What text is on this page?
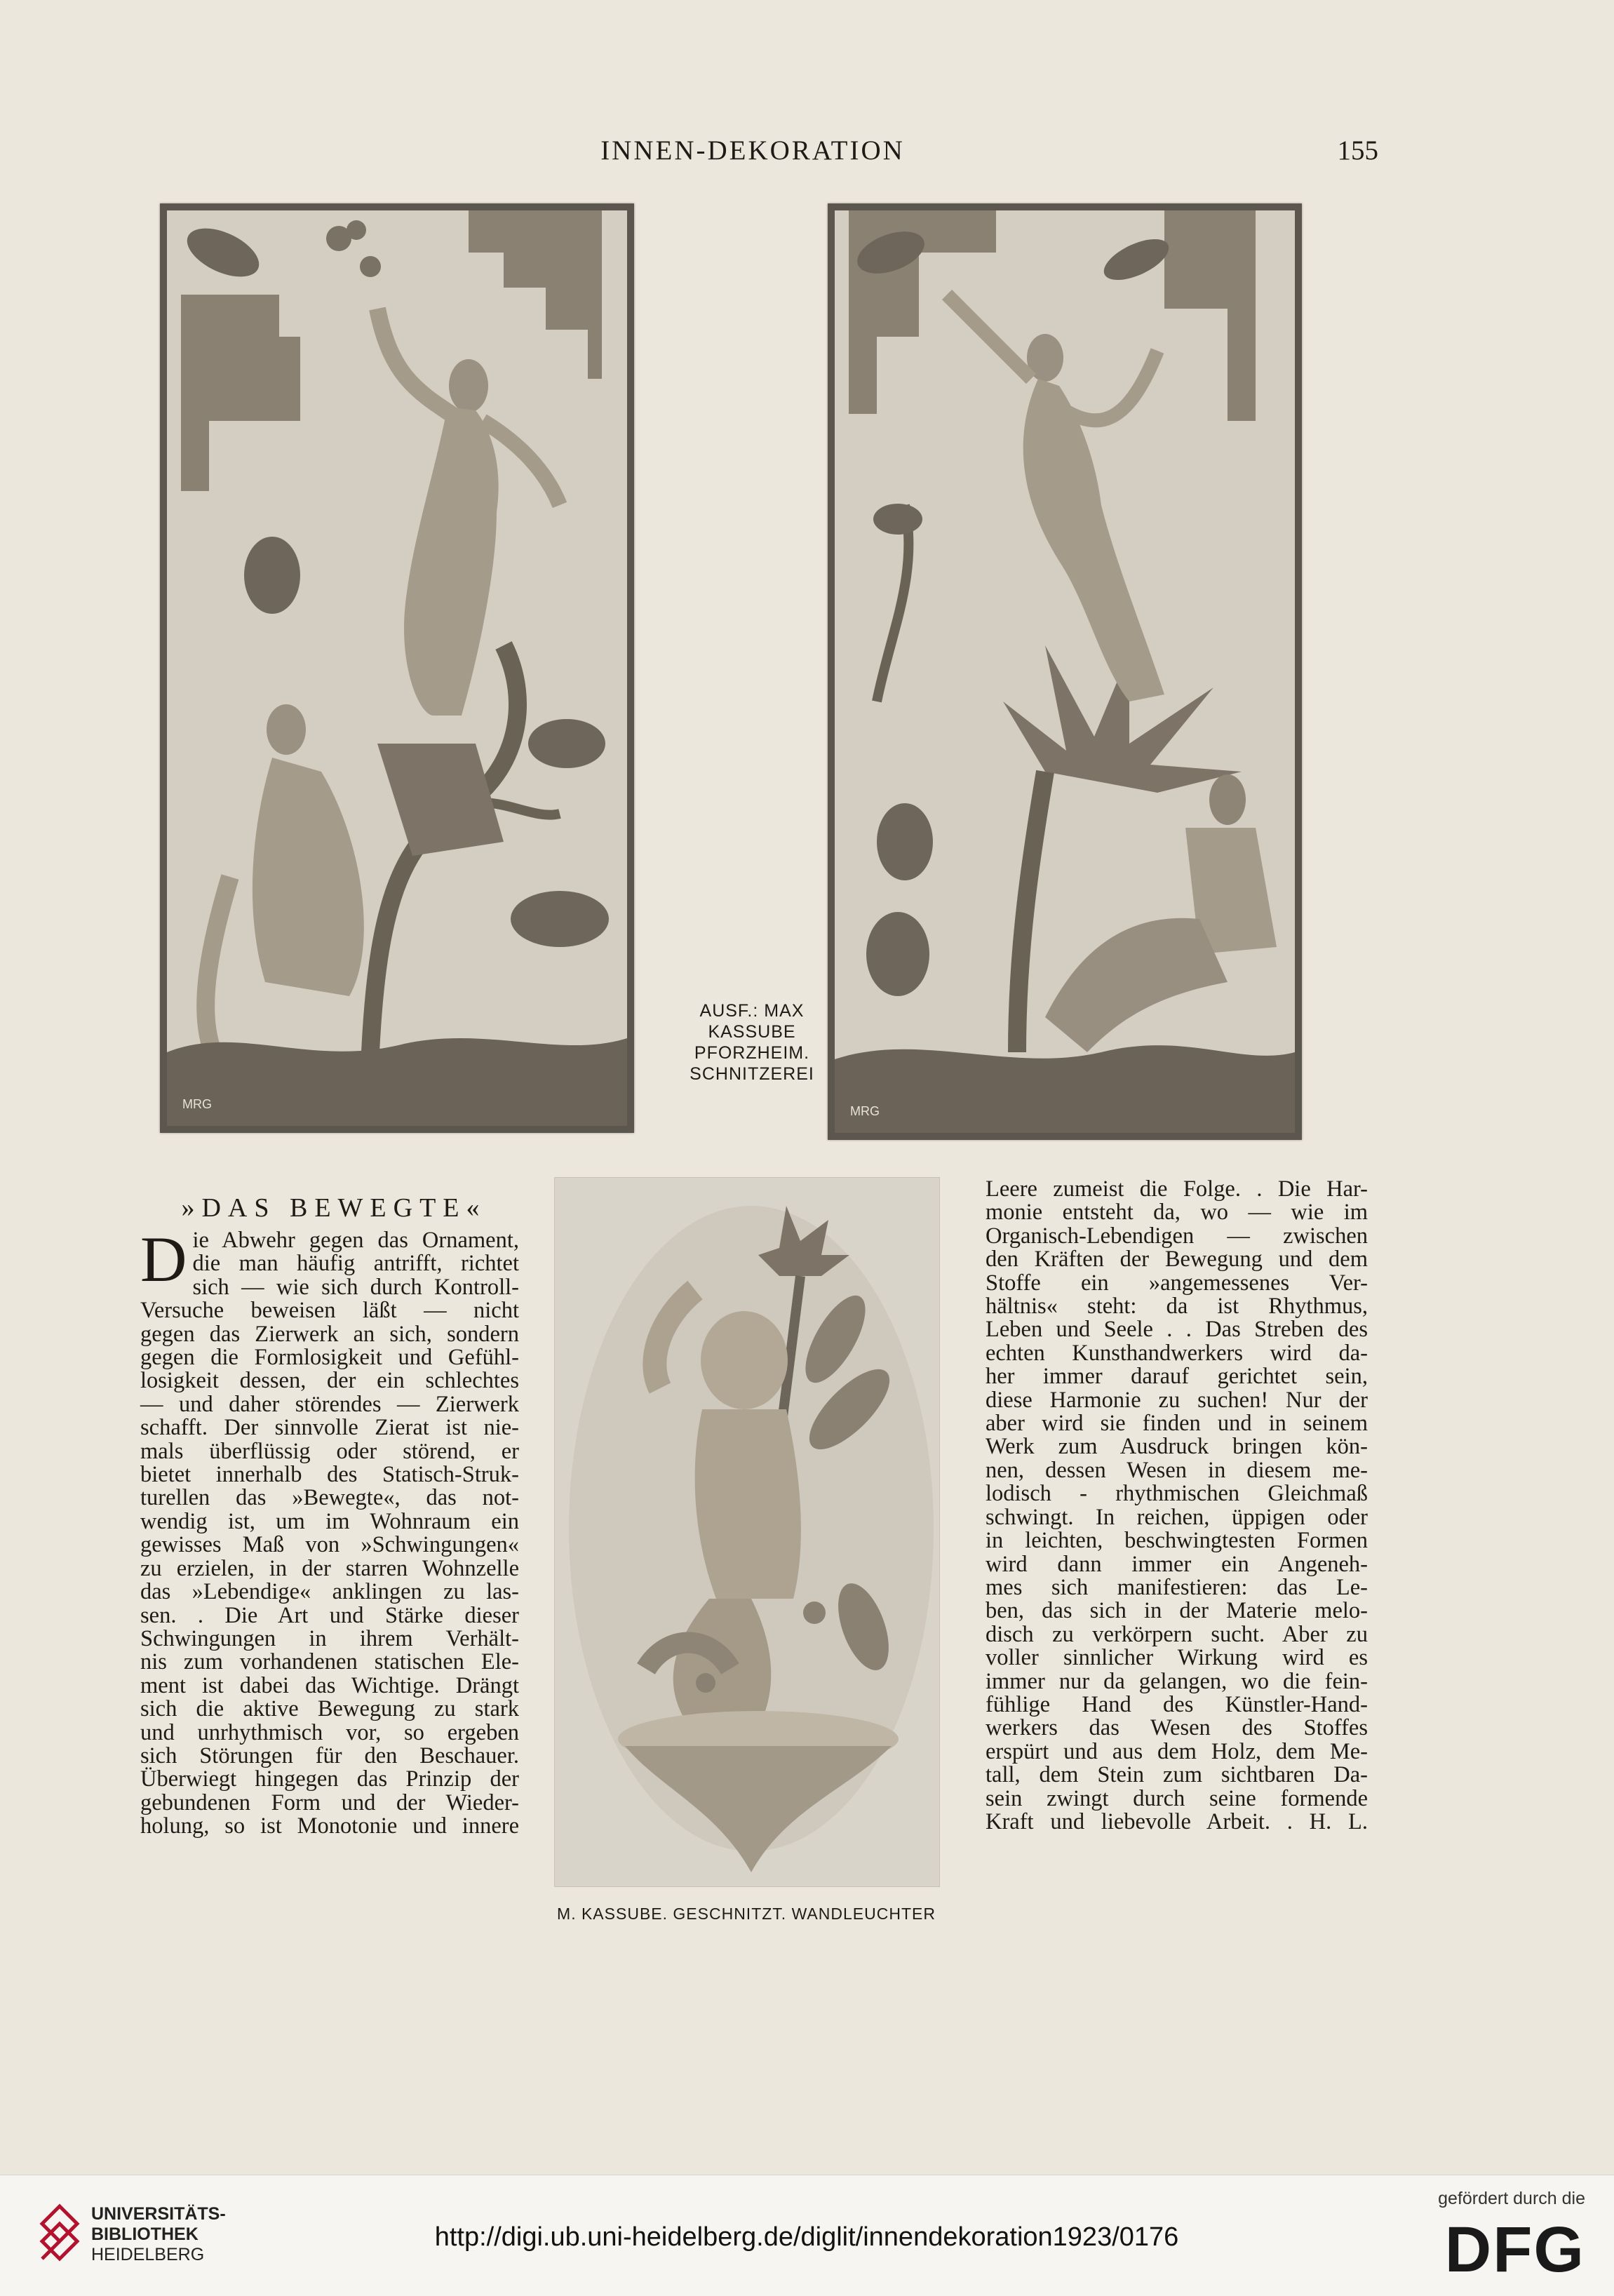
INNEN-DEKORATION	155
MRG
AUSF.: MAX
KASSUBE
PFORZHEIM.
SCHNITZEREI
MRG
»DAS BEWEGTE«
D ie Abwehr gegen das Ornament,
die man häufig antrifft, richtet
sich — wie sich durch Kontroll-
Versuche beweisen läßt — nicht
gegen das Zierwerk an sich, sondern
gegen die Formlosigkeit und Gefühl-
losigkeit dessen, der ein schlechtes
— und daher störendes — Zierwerk
schafft. Der sinnvolle Zierat ist nie-
mals überflüssig oder störend, er
bietet innerhalb des Statisch-Struk-
turellen das »Bewegte«, das not-
wendig ist, um im Wohnraum ein
gewisses Maß von »Schwingungen«
zu erzielen, in der starren Wohnzelle
das »Lebendige« anklingen zu las-
sen. . Die Art und Stärke dieser
Schwingungen in ihrem Verhält-
nis zum vorhandenen statischen Ele-
ment ist dabei das Wichtige. Drängt
sich die aktive Bewegung zu stark
und unrhythmisch vor, so ergeben
sich Störungen für den Beschauer.
Überwiegt hingegen das Prinzip der
gebundenen Form und der Wieder-
holung, so ist Monotonie und innere

M. KASSUBE. GESCHNITZT. WANDLEUCHTER

Leere zumeist die Folge. . Die Har-
monie entsteht da, wo — wie im
Organisch-Lebendigen — zwischen
den Kräften der Bewegung und dem
Stoffe ein »angemessenes Ver-
hältnis« steht: da ist Rhythmus,
Leben und Seele . . Das Streben des
echten Kunsthandwerkers wird da-
her immer darauf gerichtet sein,
diese Harmonie zu suchen! Nur der
aber wird sie finden und in seinem
Werk zum Ausdruck bringen kön-
nen, dessen Wesen in diesem me-
lodisch - rhythmischen Gleichmaß
schwingt. In reichen, üppigen oder
in leichten, beschwingtesten Formen
wird dann immer ein Angeneh-
mes sich manifestieren: das Le-
ben, das sich in der Materie melo-
disch zu verkörpern sucht. Aber zu
voller sinnlicher Wirkung wird es
immer nur da gelangen, wo die fein-
fühlige Hand des Künstler-Hand-
werkers das Wesen des Stoffes
erspürt und aus dem Holz, dem Me-
tall, dem Stein zum sichtbaren Da-
sein zwingt durch seine formende
Kraft und liebevolle Arbeit. . H. L.

UNIVERSITÄTS-
BIBLIOTHEK
HEIDELBERG
http://digi.ub.uni-heidelberg.de/diglit/innendekoration1923/0176
gefördert durch die
DFG
